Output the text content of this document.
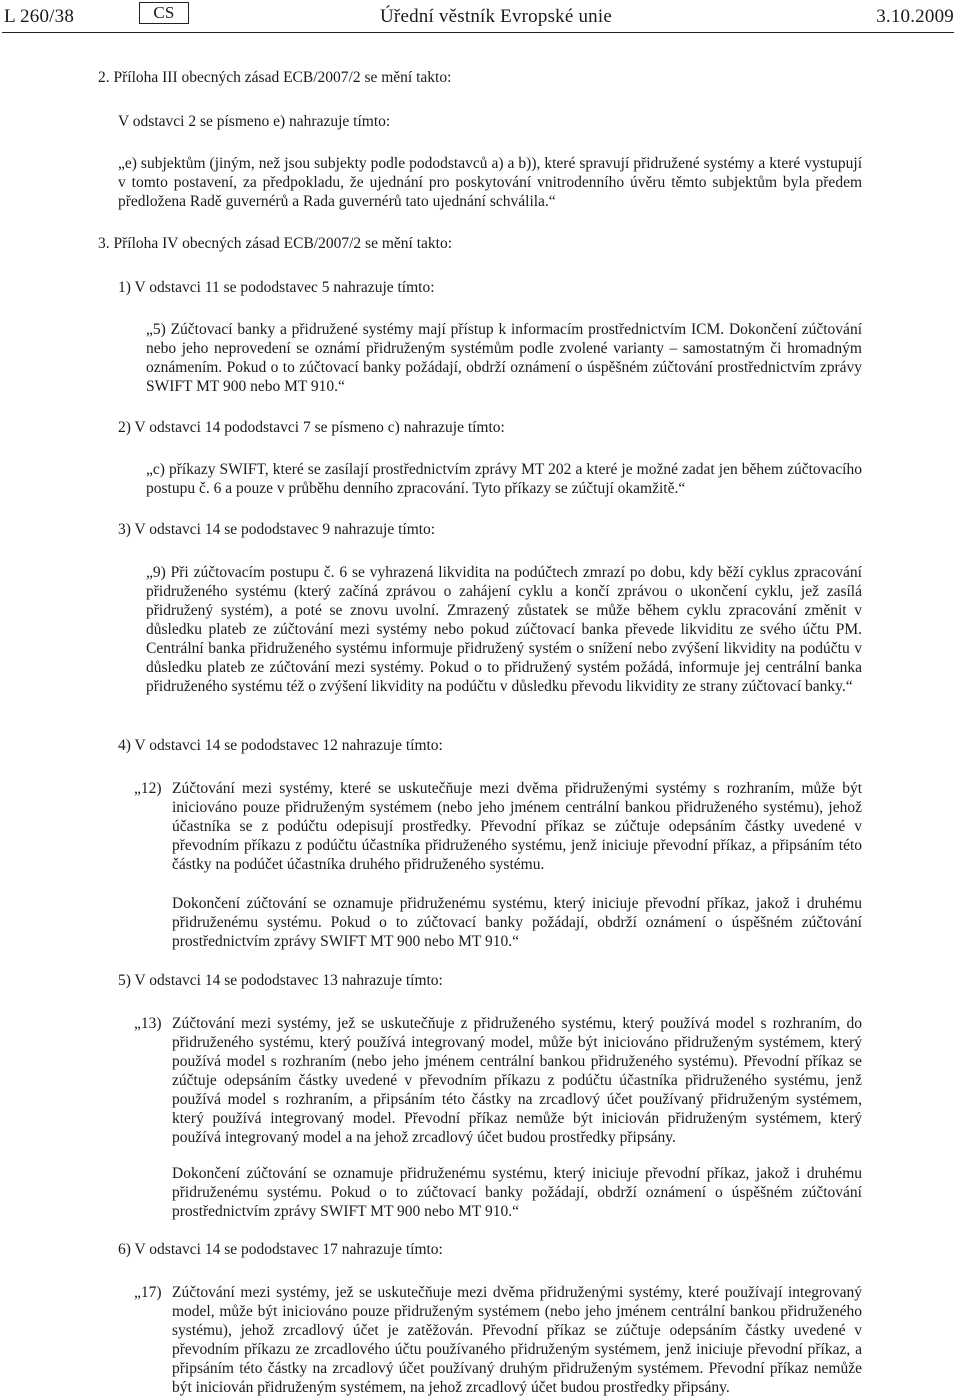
L 260/38	CS	Úřední věstník Evropské unie	3.10.2009
2. Příloha III obecných zásad ECB/2007/2 se mění takto:
V odstavci 2 se písmeno e) nahrazuje tímto:
„e) subjektům (jiným, než jsou subjekty podle pododstavců a) a b)), které spravují přidružené systémy a které vystupují v tomto postavení, za předpokladu, že ujednání pro poskytování vnitrodenního úvěru těmto subjektům byla předem předložena Radě guvernérů a Rada guvernérů tato ujednání schválila.“
3. Příloha IV obecných zásad ECB/2007/2 se mění takto:
1) V odstavci 11 se pododstavec 5 nahrazuje tímto:
„5) Zúčtovací banky a přidružené systémy mají přístup k informacím prostřednictvím ICM. Dokončení zúčtování nebo jeho neprovedení se oznámí přidruženým systémům podle zvolené varianty – samostatným či hromadným oznámením. Pokud o to zúčtovací banky požádají, obdrží oznámení o úspěšném zúčtování prostřednictvím zprávy SWIFT MT 900 nebo MT 910.“
2) V odstavci 14 pododstavci 7 se písmeno c) nahrazuje tímto:
„c) příkazy SWIFT, které se zasílají prostřednictvím zprávy MT 202 a které je možné zadat jen během zúčtovacího postupu č. 6 a pouze v průběhu denního zpracování. Tyto příkazy se zúčtují okamžitě.“
3) V odstavci 14 se pododstavec 9 nahrazuje tímto:
„9) Při zúčtovacím postupu č. 6 se vyhrazená likvidita na podúčtech zmrazí po dobu, kdy běží cyklus zpracování přidruženého systému (který začíná zprávou o zahájení cyklu a končí zprávou o ukončení cyklu, jež zasílá přidružený systém), a poté se znovu uvolní. Zmrazený zůstatek se může během cyklu zpracování změnit v důsledku plateb ze zúčtování mezi systémy nebo pokud zúčtovací banka převede likviditu ze svého účtu PM. Centrální banka přidruženého systému informuje přidružený systém o snížení nebo zvýšení likvidity na podúčtu v důsledku plateb ze zúčtování mezi systémy. Pokud o to přidružený systém požádá, informuje jej centrální banka přidruženého systému též o zvýšení likvidity na podúčtu v důsledku převodu likvidity ze strany zúčtovací banky.“
4) V odstavci 14 se pododstavec 12 nahrazuje tímto:
„12) Zúčtování mezi systémy, které se uskutečňuje mezi dvěma přidruženými systémy s rozhraním, může být iniciováno pouze přidruženým systémem (nebo jeho jménem centrální bankou přidruženého systému), jehož účastníka se z podúčtu odepisují prostředky. Převodní příkaz se zúčtuje odepsáním částky uvedené v převodním příkazu z podúčtu účastníka přidruženého systému, jenž iniciuje převodní příkaz, a připsáním této částky na podúčet účastníka druhého přidruženého systému.
Dokončení zúčtování se oznamuje přidruženému systému, který iniciuje převodní příkaz, jakož i druhému přidruženému systému. Pokud o to zúčtovací banky požádají, obdrží oznámení o úspěšném zúčtování prostřednictvím zprávy SWIFT MT 900 nebo MT 910.“
5) V odstavci 14 se pododstavec 13 nahrazuje tímto:
„13) Zúčtování mezi systémy, jež se uskutečňuje z přidruženého systému, který používá model s rozhraním, do přidruženého systému, který používá integrovaný model, může být iniciováno přidruženým systémem, který používá model s rozhraním (nebo jeho jménem centrální bankou přidruženého systému). Převodní příkaz se zúčtuje odepsáním částky uvedené v převodním příkazu z podúčtu účastníka přidruženého systému, jenž používá model s rozhraním, a připsáním této částky na zrcadlový účet používaný přidruženým systémem, který používá integrovaný model. Převodní příkaz nemůže být iniciován přidruženým systémem, který používá integrovaný model a na jehož zrcadlový účet budou prostředky připsány.
Dokončení zúčtování se oznamuje přidruženému systému, který iniciuje převodní příkaz, jakož i druhému přidruženému systému. Pokud o to zúčtovací banky požádají, obdrží oznámení o úspěšném zúčtování prostřednictvím zprávy SWIFT MT 900 nebo MT 910.“
6) V odstavci 14 se pododstavec 17 nahrazuje tímto:
„17) Zúčtování mezi systémy, jež se uskutečňuje mezi dvěma přidruženými systémy, které používají integrovaný model, může být iniciováno pouze přidruženým systémem (nebo jeho jménem centrální bankou přidruženého systému), jehož zrcadlový účet je zatěžován. Převodní příkaz se zúčtuje odepsáním částky uvedené v převodním příkazu ze zrcadlového účtu používaného přidruženým systémem, jenž iniciuje převodní příkaz, a připsáním této částky na zrcadlový účet používaný druhým přidruženým systémem. Převodní příkaz nemůže být iniciován přidruženým systémem, na jehož zrcadlový účet budou prostředky připsány.
